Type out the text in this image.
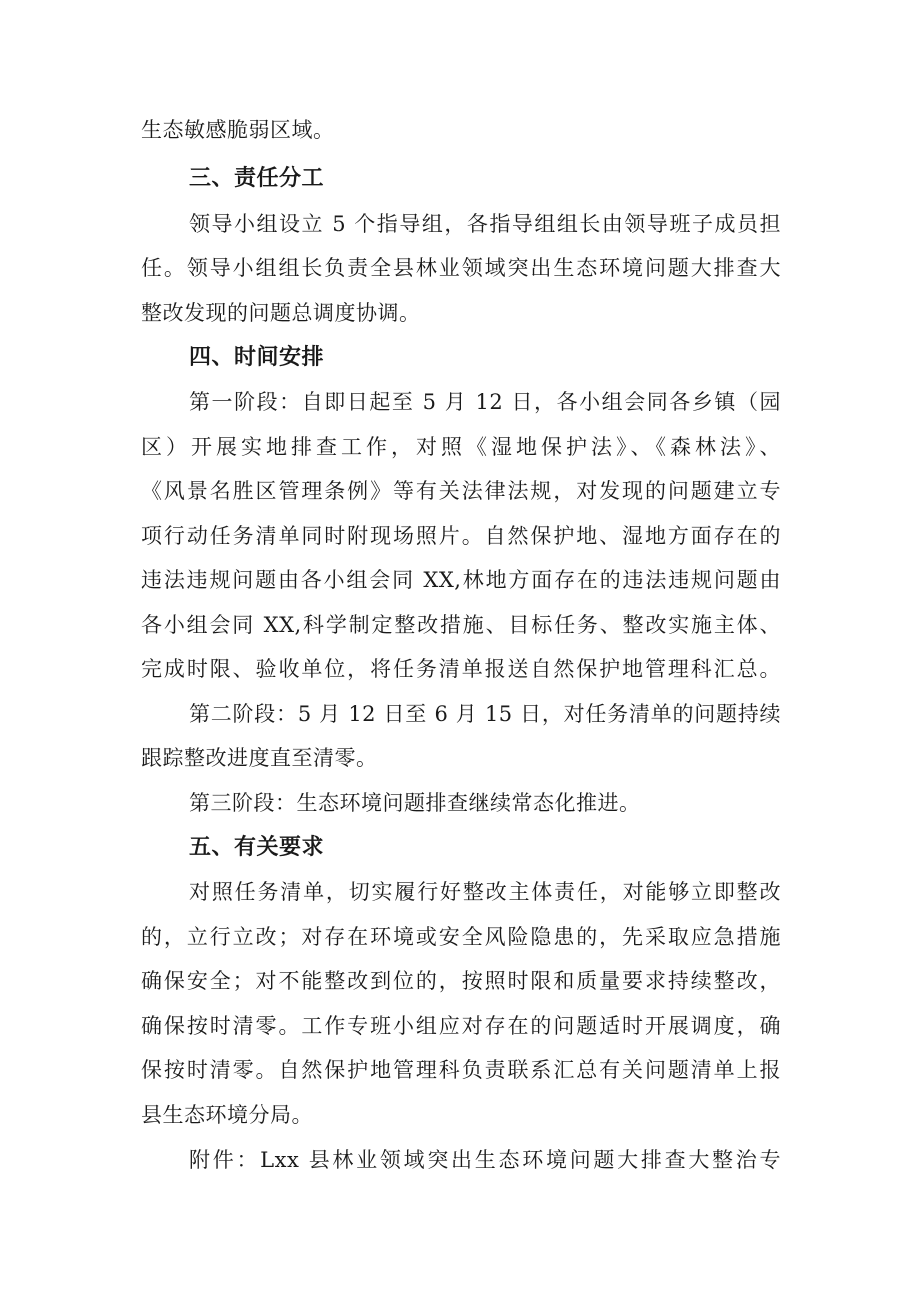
生态敏感脆弱区域。
三、责任分工
领导小组设立 5 个指导组，各指导组组长由领导班子成员担
任。领导小组组长负责全县林业领域突出生态环境问题大排查大
整改发现的问题总调度协调。
四、时间安排
第一阶段：自即日起至 5 月 12 日，各小组会同各乡镇（园
区）开展实地排查工作，对照《湿地保护法》、《森林法》、
《风景名胜区管理条例》等有关法律法规，对发现的问题建立专
项行动任务清单同时附现场照片。自然保护地、湿地方面存在的
违法违规问题由各小组会同 XX,林地方面存在的违法违规问题由
各小组会同 XX,科学制定整改措施、目标任务、整改实施主体、
完成时限、验收单位，将任务清单报送自然保护地管理科汇总。
第二阶段：5 月 12 日至 6 月 15 日，对任务清单的问题持续
跟踪整改进度直至清零。
第三阶段：生态环境问题排查继续常态化推进。
五、有关要求
对照任务清单，切实履行好整改主体责任，对能够立即整改
的，立行立改；对存在环境或安全风险隐患的，先采取应急措施
确保安全；对不能整改到位的，按照时限和质量要求持续整改，
确保按时清零。工作专班小组应对存在的问题适时开展调度，确
保按时清零。自然保护地管理科负责联系汇总有关问题清单上报
县生态环境分局。
附件：Lxx 县林业领域突出生态环境问题大排查大整治专
